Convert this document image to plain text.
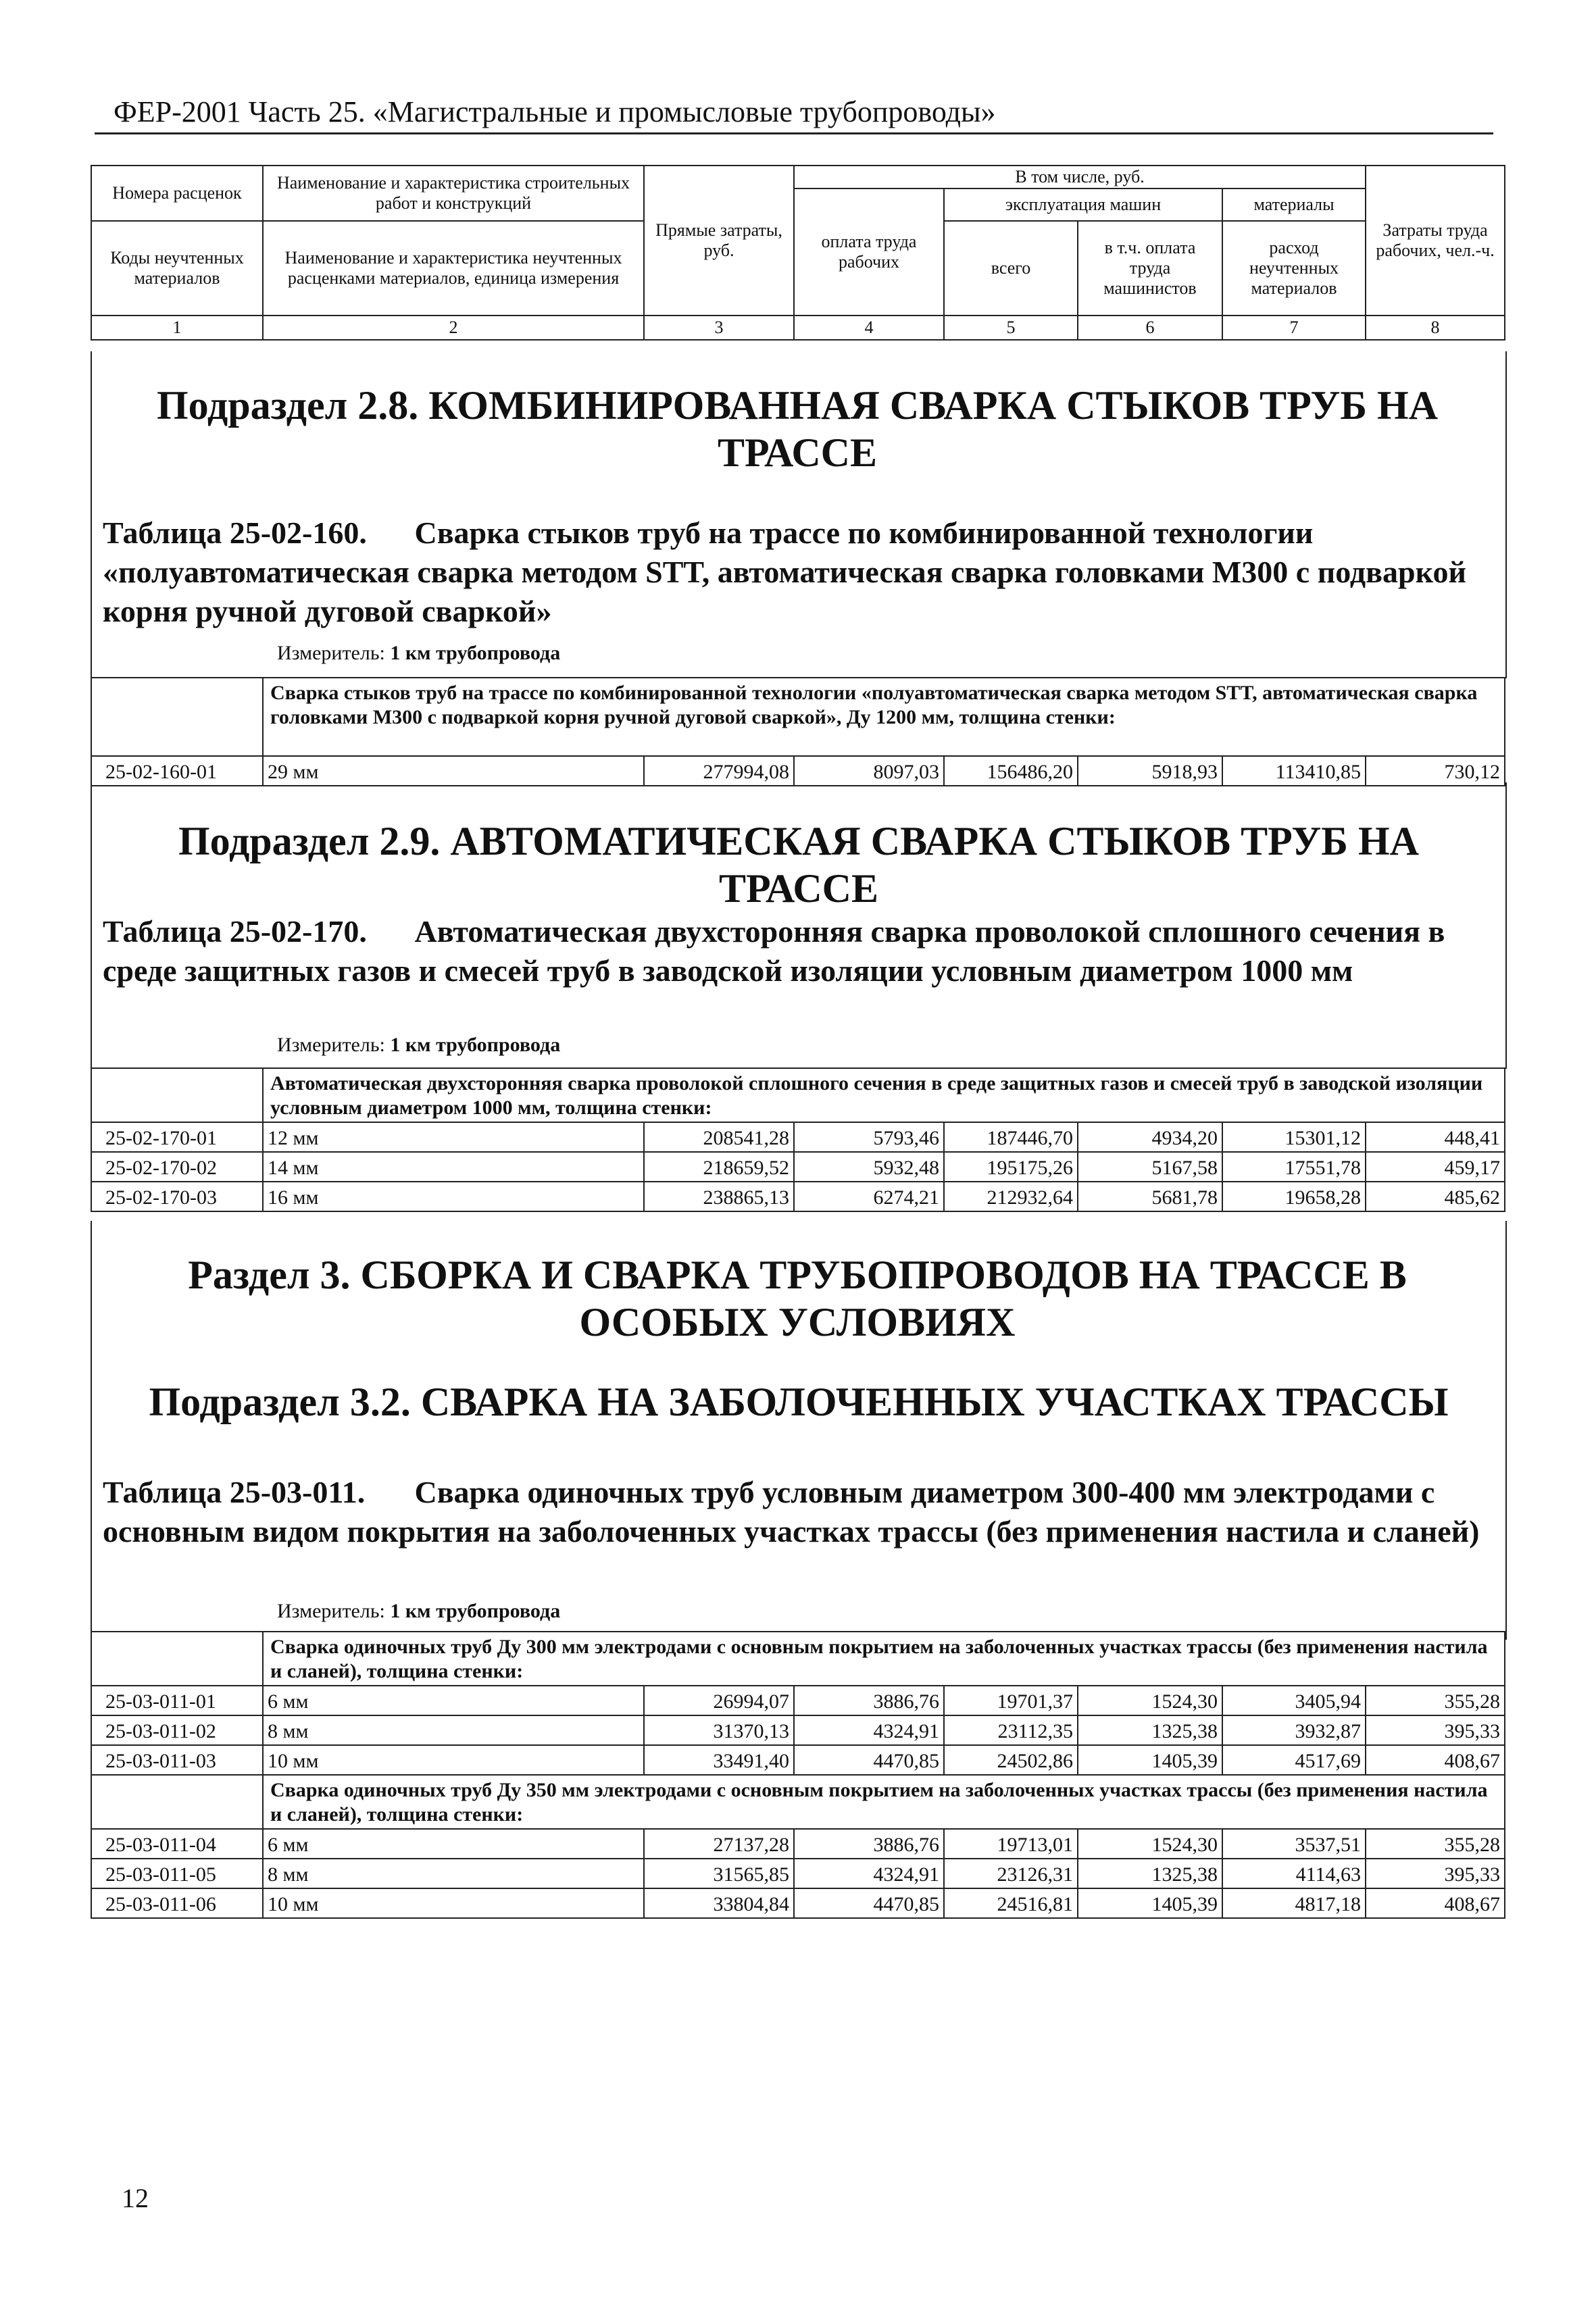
ФЕР-2001 Часть 25. «Магистральные и промысловые трубопроводы»
Номера расценок	Наименование и характеристика строительных работ и конструкций	Прямые затраты, руб.	В том числе, руб.				Затраты труда рабочих, чел.-ч.
			оплата труда рабочих	эксплуатация машин		материалы	
Коды неучтенных материалов	Наименование и характеристика неучтенных расценками материалов, единица измерения			всего	в т.ч. оплата труда машинистов	расход неучтенных материалов	
1	2	3	4	5	6	7	8
Подраздел 2.8. КОМБИНИРОВАННАЯ СВАРКА СТЫКОВ ТРУБ НА ТРАССЕ
Таблица 25-02-160. Сварка стыков труб на трассе по комбинированной технологии «полуавтоматическая сварка методом STT, автоматическая сварка головками М300 с подваркой корня ручной дуговой сваркой»
Измеритель: 1 км трубопровода
	Сварка стыков труб на трассе по комбинированной технологии «полуавтоматическая сварка методом STT, автоматическая сварка головками М300 с подваркой корня ручной дуговой сваркой», Ду 1200 мм, толщина стенки:						
25-02-160-01	29 мм	277994,08	8097,03	156486,20	5918,93	113410,85	730,12
Подраздел 2.9. АВТОМАТИЧЕСКАЯ СВАРКА СТЫКОВ ТРУБ НА ТРАССЕ
Таблица 25-02-170. Автоматическая двухсторонняя сварка проволокой сплошного сечения в среде защитных газов и смесей труб в заводской изоляции условным диаметром 1000 мм
Измеритель: 1 км трубопровода
	Автоматическая двухсторонняя сварка проволокой сплошного сечения в среде защитных газов и смесей труб в заводской изоляции условным диаметром 1000 мм, толщина стенки:						
25-02-170-01	12 мм	208541,28	5793,46	187446,70	4934,20	15301,12	448,41
25-02-170-02	14 мм	218659,52	5932,48	195175,26	5167,58	17551,78	459,17
25-02-170-03	16 мм	238865,13	6274,21	212932,64	5681,78	19658,28	485,62
Раздел 3. СБОРКА И СВАРКА ТРУБОПРОВОДОВ НА ТРАССЕ В ОСОБЫХ УСЛОВИЯХ
Подраздел 3.2. СВАРКА НА ЗАБОЛОЧЕННЫХ УЧАСТКАХ ТРАССЫ
Таблица 25-03-011. Сварка одиночных труб условным диаметром 300-400 мм электродами с основным видом покрытия на заболоченных участках трассы (без применения настила и сланей)
Измеритель: 1 км трубопровода
	Сварка одиночных труб Ду 300 мм электродами с основным покрытием на заболоченных участках трассы (без применения настила и сланей), толщина стенки:						
25-03-011-01	6 мм	26994,07	3886,76	19701,37	1524,30	3405,94	355,28
25-03-011-02	8 мм	31370,13	4324,91	23112,35	1325,38	3932,87	395,33
25-03-011-03	10 мм	33491,40	4470,85	24502,86	1405,39	4517,69	408,67
	Сварка одиночных труб Ду 350 мм электродами с основным покрытием на заболоченных участках трассы (без применения настила и сланей), толщина стенки:						
25-03-011-04	6 мм	27137,28	3886,76	19713,01	1524,30	3537,51	355,28
25-03-011-05	8 мм	31565,85	4324,91	23126,31	1325,38	4114,63	395,33
25-03-011-06	10 мм	33804,84	4470,85	24516,81	1405,39	4817,18	408,67
12
